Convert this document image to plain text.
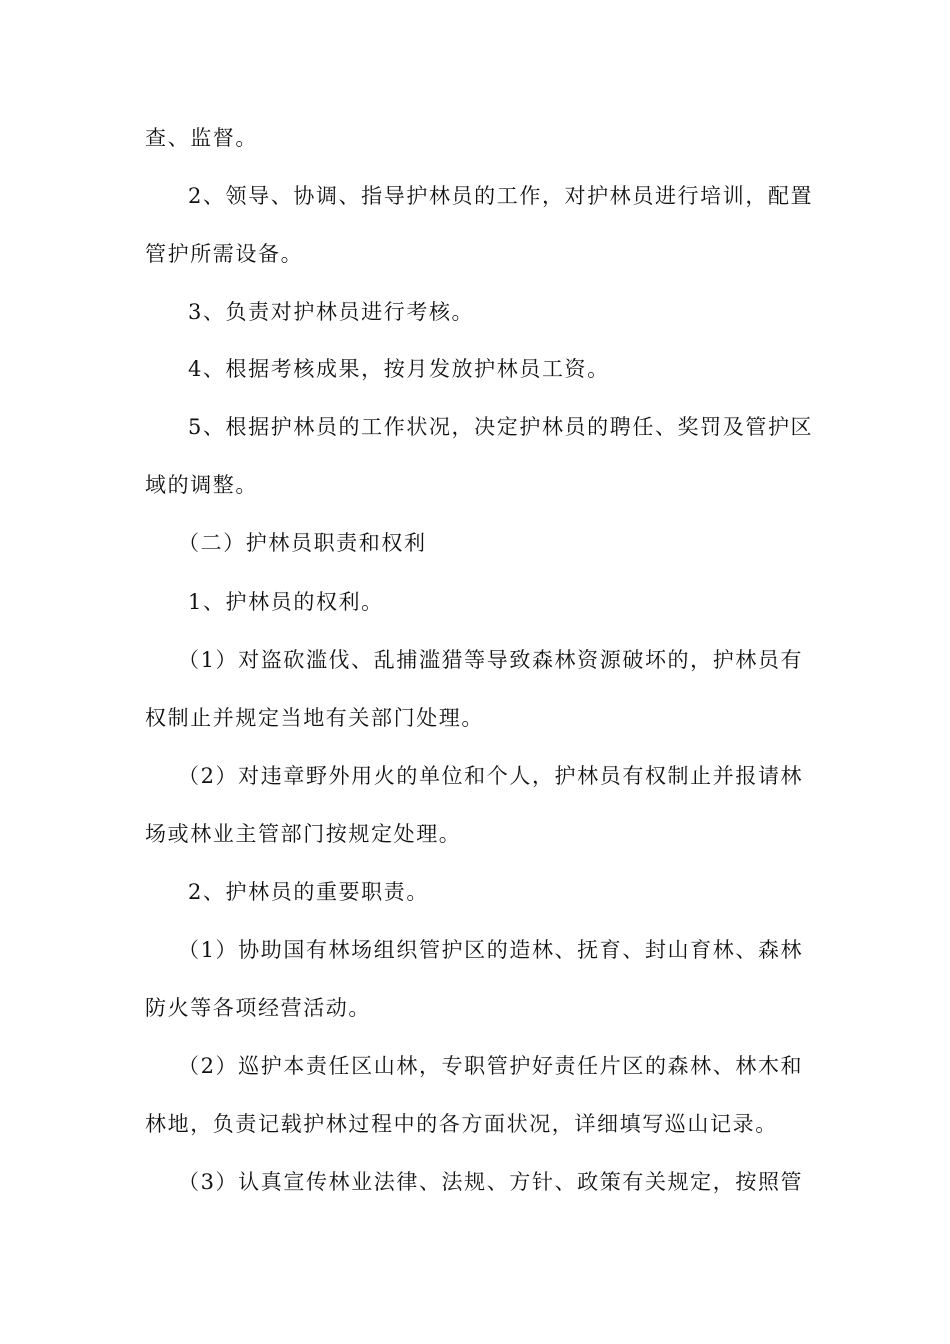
查、监督。
2、领导、协调、指导护林员的工作，对护林员进行培训，配置
管护所需设备。
3、负责对护林员进行考核。
4、根据考核成果，按月发放护林员工资。
5、根据护林员的工作状况，决定护林员的聘任、奖罚及管护区
域的调整。
（二）护林员职责和权利
1、护林员的权利。
（1）对盗砍滥伐、乱捕滥猎等导致森林资源破坏的，护林员有
权制止并规定当地有关部门处理。
（2）对违章野外用火的单位和个人，护林员有权制止并报请林
场或林业主管部门按规定处理。
2、护林员的重要职责。
（1）协助国有林场组织管护区的造林、抚育、封山育林、森林
防火等各项经营活动。
（2）巡护本责任区山林，专职管护好责任片区的森林、林木和
林地，负责记载护林过程中的各方面状况，详细填写巡山记录。
（3）认真宣传林业法律、法规、方针、政策有关规定，按照管
